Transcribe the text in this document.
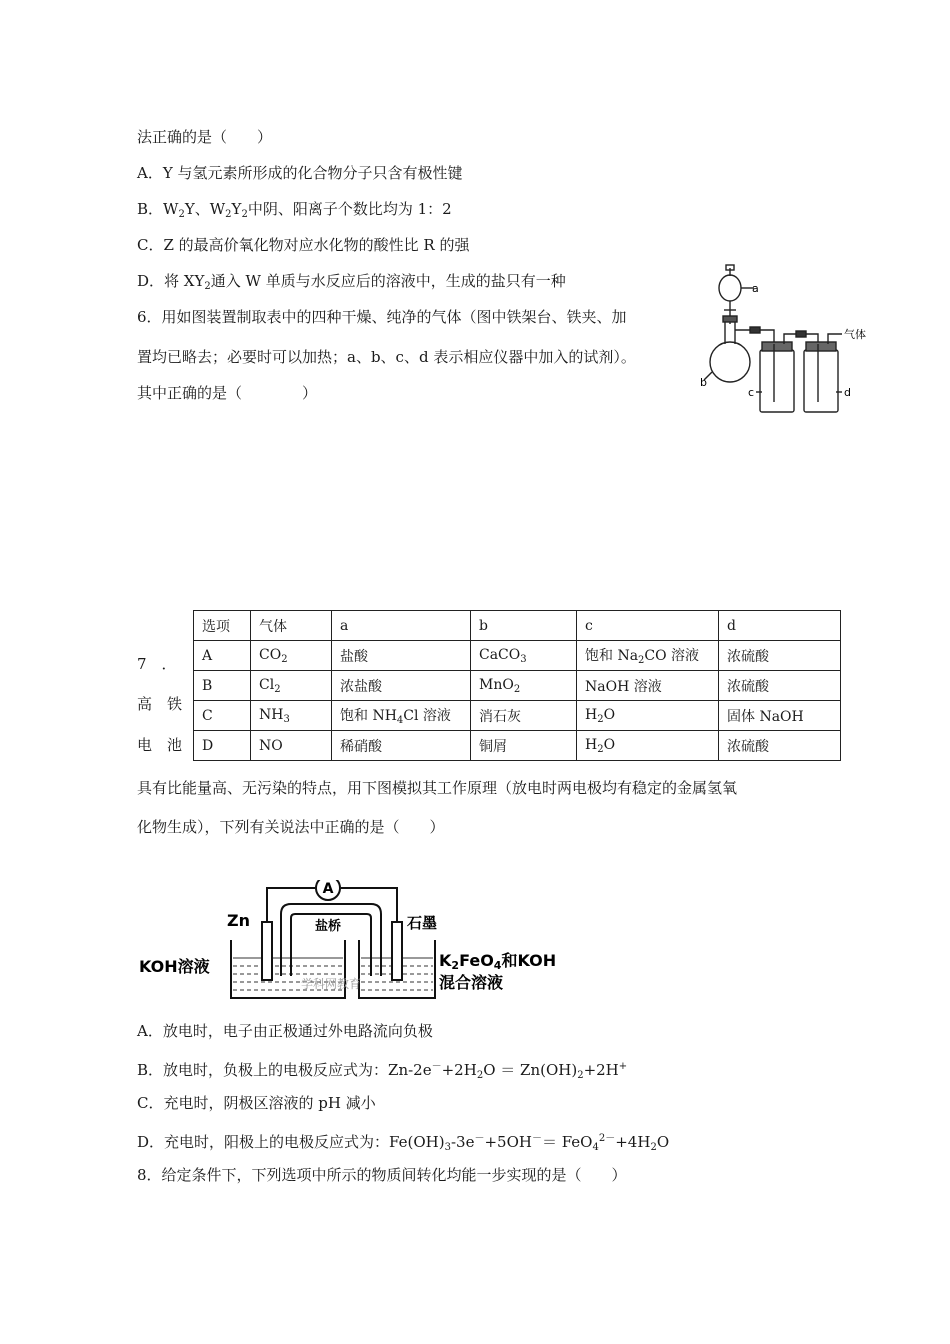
法正确的是（　　）
A．Y 与氢元素所形成的化合物分子只含有极性键
B．$W_2Y$、$W_2Y_2$中阴、阳离子个数比均为 1：2
C．Z 的最高价氧化物对应水化物的酸性比 R 的强
D．将 $XY_2$通入 W 单质与水反应后的溶液中，生成的盐只有一种
6．用如图装置制取表中的四种干燥、纯净的气体（图中铁架台、铁夹、加
置均已略去；必要时可以加热；a、b、c、d 表示相应仪器中加入的试剂）。
其中正确的是（　　　　）
a
b
c	d
气体
7　．
高　铁
电　池
选项	气体	a	b	c	d
A	$CO_2$	盐酸	CaCO$_3$	饱和 $Na_2CO$ 溶液	浓硫酸
B	$Cl_2$	浓盐酸	MnO$_2$	NaOH 溶液	浓硫酸
C	$NH_3$	饱和 $NH_4Cl$ 溶液	消石灰	$H_2O$	固体 NaOH
D	NO	稀硝酸	铜屑	$H_2O$	浓硫酸
具有比能量高、无污染的特点，用下图模拟其工作原理（放电时两电极均有稳定的金属氢氧
化物生成），下列有关说法中正确的是（　　）
A
Zn	石墨
盐桥
KOH溶液	K2FeO4和KOH
混合溶液
学科网教育
A．放电时，电子由正极通过外电路流向负极
B．放电时，负极上的电极反应式为：$Zn-2e^-+2H_2O = Zn(OH)_2+2H^+$
C．充电时，阴极区溶液的 pH 减小
D．充电时，阳极上的电极反应式为：$Fe(OH)_3-3e^-+5OH^-= FeO_4^{2-}+4H_2O$
8．给定条件下，下列选项中所示的物质间转化均能一步实现的是（　　）
